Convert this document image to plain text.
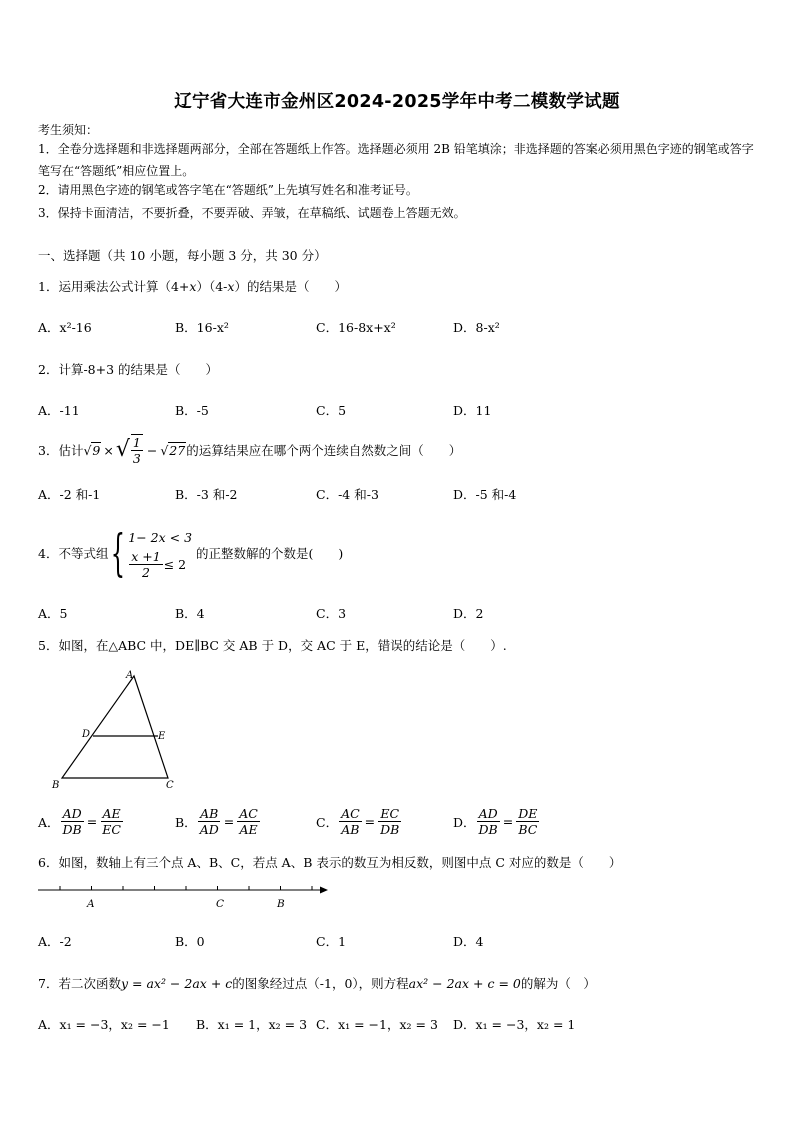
辽宁省大连市金州区2024-2025学年中考二模数学试题
考生须知：
1．全卷分选择题和非选择题两部分，全部在答题纸上作答。选择题必须用 2B 铅笔填涂；非选择题的答案必须用黑色字迹的钢笔或答字笔写在“答题纸”相应位置上。
2．请用黑色字迹的钢笔或答字笔在“答题纸”上先填写姓名和准考证号。
3．保持卡面清洁，不要折叠，不要弄破、弄皱，在草稿纸、试题卷上答题无效。
一、选择题（共 10 小题，每小题 3 分，共 30 分）
1．运用乘法公式计算（4+x）（4-x）的结果是（　　）
A．x²-16	B．16-x²	C．16-8x+x²	D．8-x²
2．计算-8+3 的结果是（　　）
A．-11	B．-5	C．5	D．11
3．估计 √ 9 × √ $\frac{1}{3}$ − √ 27 的运算结果应在哪个两个连续自然数之间（　　）
A．-2 和-1	B．-3 和-2	C．-4 和-3	D．-5 和-4
4．不等式组 { 1− 2x < 3
$\frac{x +1}{2} \le 2$
的正整数解的个数是(　　)
A．5	B．4	C．3	D．2
5．如图，在△ABC 中，DE∥BC 交 AB 于 D，交 AC 于 E，错误的结论是（　　）.
A
D	E
B	C
A． $\frac{AD}{DB} = \frac{AE}{EC}$	B． $\frac{AB}{AD} = \frac{AC}{AE}$	C． $\frac{AC}{AB} = \frac{EC}{DB}$	D． $\frac{AD}{DB} = \frac{DE}{BC}$
6．如图，数轴上有三个点 A、B、C，若点 A、B 表示的数互为相反数，则图中点 C 对应的数是（　　）
A	C	B
A．-2	B．0	C．1	D．4
7．若二次函数y = ax² − 2ax + c的图象经过点（-1，0），则方程ax² − 2ax + c = 0的解为（　）
A．x₁ = −3，x₂ = −1 B．x₁ = 1，x₂ = 3 C．x₁ = −1，x₂ = 3 D．x₁ = −3，x₂ = 1
